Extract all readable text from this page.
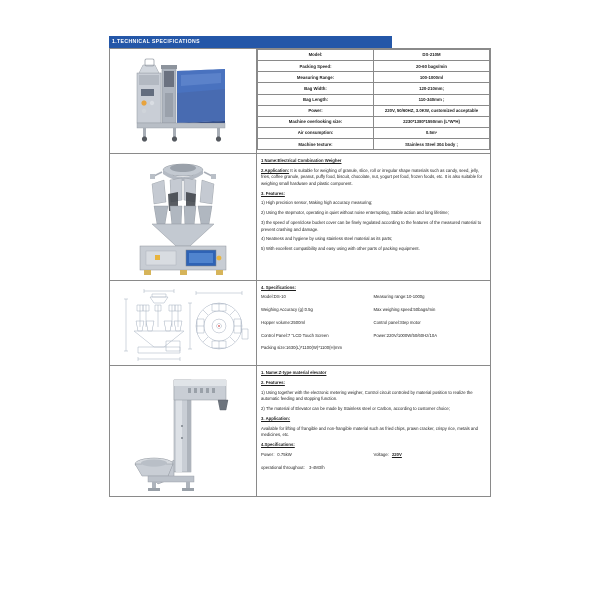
1.TECHNICAL SPECIFICATIONS

Model:	DS-210M
Packing Speed:	20-60 bags/min
Measuring Range:	100-1000ml
Bag Width:	120-210mm;
Bag Length:	110-340mm ;
Power:	220V, 50/60HZ, 3.0KW, customized acceptable
Machine overlooking size:	2230*1380*1550mm (L*W*H)
Air consumption:	0.5m³
Machine texture:	Stainless Steel 304 body ;

1 Name:Electrical Combination Weigher

2.Application: It is suitable for weighing of granule, slice, roll or irregular shape materials such as candy, seed, jelly, fries, coffee granule, peanut, puffy food, biscuit, chocolate, nut, yogurt pet food, frozen foods, etc. It is also suitable for weighing small hardware and plastic component.

3. Features:

1) High precision sensor, Making high accuracy measuring;

2) Using the stepmotor, operating in quiet without noise enterrupting, Stable action and long lifetime;

3) the speed of open/close bucket cover can be finely regulated according to the features of the measured material to prevent crashing and damage.

4) Neatness and hygiene by using stainless steel material as its parts;

5) With excellent compatibility and easy using with other parts of packing equipment.

4. Specifications:

Model:DS-10	Measuring range:10-1000g
Weighing Accuracy (g):0.5g	Max weighing speed:50bags/min
Hopper volume:2500ml	Control panel:Step motor
Control Panel:7 "LCD Touch Screen	Power:220V/1000W/50/60Hz/10A
Packing size:1630(L)*1100(W)*1100(H)mm

1. Name:Z-type material elevator

2. Features:

1) Using together with the electronic metering weigher, Control circuit controled by material position to realize the automatic feeding and stopping function.

2) The material of Elevator can be made by Stainless steel or Carbon, according to customer choice;

3. Application:

Available for lifting of frangible and non-frangible material such as fried chips, prawn cracker, crispy rice, metals and medicines, etc.

4.Specifications:

Power：0.75kW	Voltage：220V
operational throughout： 3-4M3/h
